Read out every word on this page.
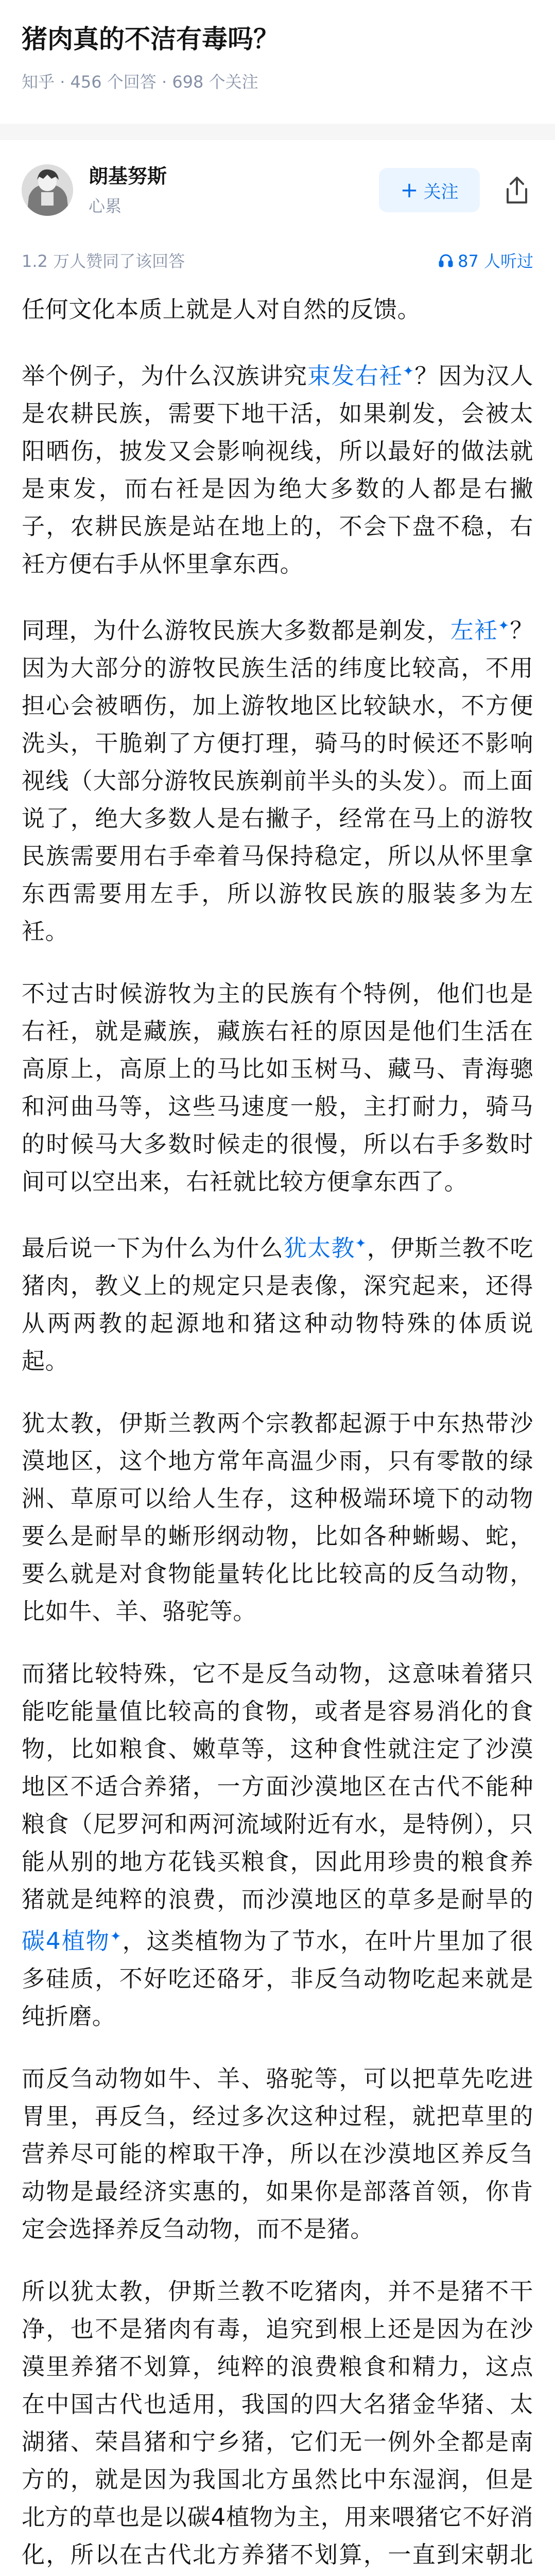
猪肉真的不洁有毒吗？
知乎 · 456 个回答 · 698 个关注
朗基努斯
心累
+ 关注
1.2 万人赞同了该回答	87 人听过

任何文化本质上就是人对自然的反馈。

举个例子，为什么汉族讲究束发右衽✦？因为汉人是农耕民族，需要下地干活，如果剃发，会被太阳晒伤，披发又会影响视线，所以最好的做法就是束发，而右衽是因为绝大多数的人都是右撇子，农耕民族是站在地上的，不会下盘不稳，右衽方便右手从怀里拿东西。

同理，为什么游牧民族大多数都是剃发，左衽✦？因为大部分的游牧民族生活的纬度比较高，不用担心会被晒伤，加上游牧地区比较缺水，不方便洗头，干脆剃了方便打理，骑马的时候还不影响视线（大部分游牧民族剃前半头的头发）。而上面说了，绝大多数人是右撇子，经常在马上的游牧民族需要用右手牵着马保持稳定，所以从怀里拿东西需要用左手，所以游牧民族的服装多为左衽。

不过古时候游牧为主的民族有个特例，他们也是右衽，就是藏族，藏族右衽的原因是他们生活在高原上，高原上的马比如玉树马、藏马、青海骢和河曲马等，这些马速度一般，主打耐力，骑马的时候马大多数时候走的很慢，所以右手多数时间可以空出来，右衽就比较方便拿东西了。

最后说一下为什么为什么犹太教✦，伊斯兰教不吃猪肉，教义上的规定只是表像，深究起来，还得从两两教的起源地和猪这种动物特殊的体质说起。

犹太教，伊斯兰教两个宗教都起源于中东热带沙漠地区，这个地方常年高温少雨，只有零散的绿洲、草原可以给人生存，这种极端环境下的动物要么是耐旱的蜥形纲动物，比如各种蜥蜴、蛇，要么就是对食物能量转化比比较高的反刍动物，比如牛、羊、骆驼等。

而猪比较特殊，它不是反刍动物，这意味着猪只能吃能量值比较高的食物，或者是容易消化的食物，比如粮食、嫩草等，这种食性就注定了沙漠地区不适合养猪，一方面沙漠地区在古代不能种粮食（尼罗河和两河流域附近有水，是特例），只能从别的地方花钱买粮食，因此用珍贵的粮食养猪就是纯粹的浪费，而沙漠地区的草多是耐旱的碳4植物✦，这类植物为了节水，在叶片里加了很多硅质，不好吃还硌牙，非反刍动物吃起来就是纯折磨。

而反刍动物如牛、羊、骆驼等，可以把草先吃进胃里，再反刍，经过多次这种过程，就把草里的营养尽可能的榨取干净，所以在沙漠地区养反刍动物是最经济实惠的，如果你是部落首领，你肯定会选择养反刍动物，而不是猪。

所以犹太教，伊斯兰教不吃猪肉，并不是猪不干净，也不是猪肉有毒，追究到根上还是因为在沙漠里养猪不划算，纯粹的浪费粮食和精力，这点在中国古代也适用，我国的四大名猪金华猪、太湖猪、荣昌猪和宁乡猪，它们无一例外全都是南方的，就是因为我国北方虽然比中东湿润，但是北方的草也是以碳4植物为主，用来喂猪它不好消化，所以在古代北方养猪不划算，一直到宋朝北
